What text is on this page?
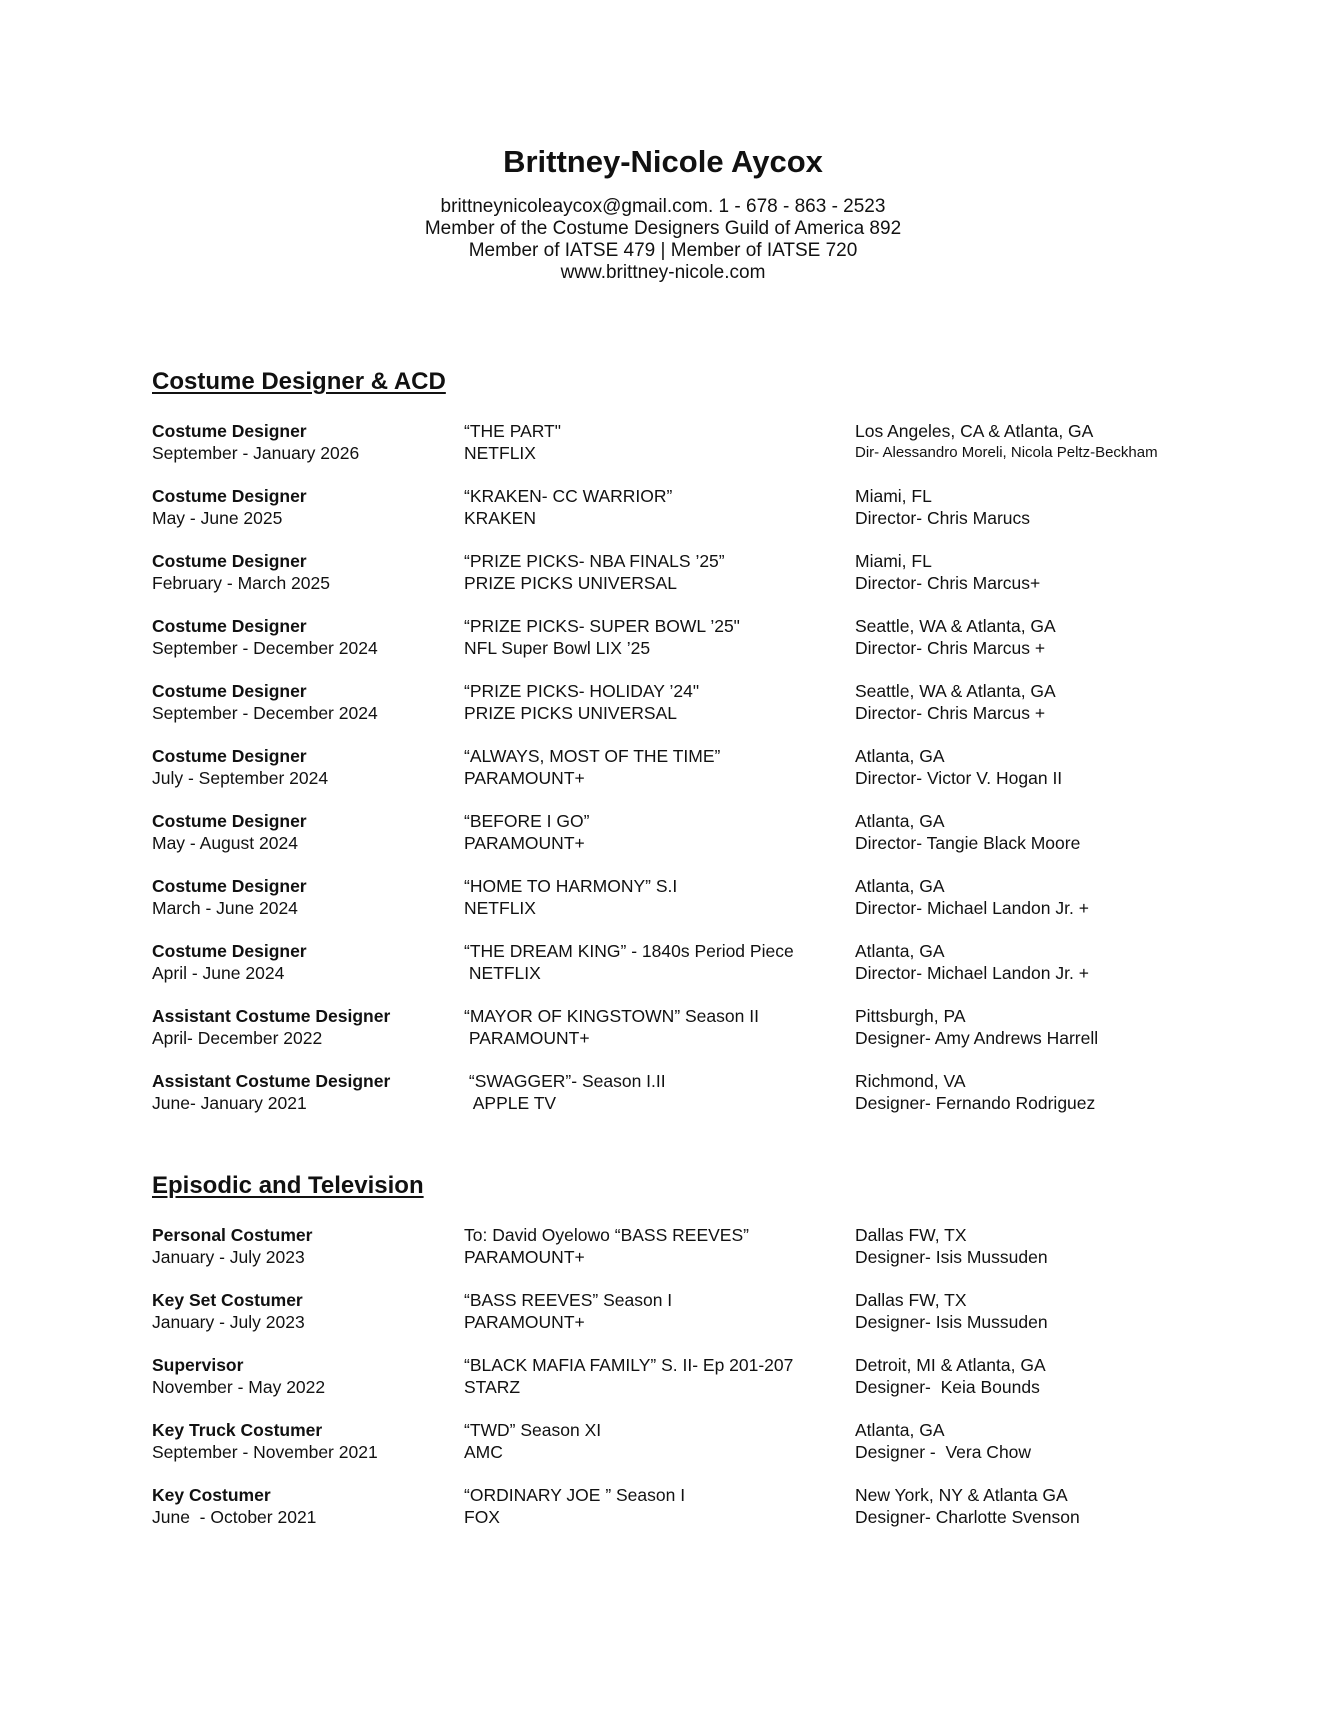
Brittney-Nicole Aycox
brittneynicoleaycox@gmail.com. 1 - 678 - 863 - 2523
Member of the Costume Designers Guild of America 892
Member of IATSE 479 | Member of IATSE 720
www.brittney-nicole.com
Costume Designer & ACD
Costume Designer
September - January 2026
“THE PART"
NETFLIX
Los Angeles, CA & Atlanta, GA
Dir- Alessandro Moreli, Nicola Peltz-Beckham
Costume Designer
May - June 2025
“KRAKEN- CC WARRIOR”
KRAKEN
Miami, FL
Director- Chris Marucs
Costume Designer
February - March 2025
“PRIZE PICKS- NBA FINALS ’25”
PRIZE PICKS UNIVERSAL
Miami, FL
Director- Chris Marcus+
Costume Designer
September - December 2024
“PRIZE PICKS- SUPER BOWL ’25"
NFL Super Bowl LIX ’25
Seattle, WA & Atlanta, GA
Director- Chris Marcus +
Costume Designer
September - December 2024
“PRIZE PICKS- HOLIDAY ’24"
PRIZE PICKS UNIVERSAL
Seattle, WA & Atlanta, GA
Director- Chris Marcus +
Costume Designer
July - September 2024
“ALWAYS, MOST OF THE TIME”
PARAMOUNT+
Atlanta, GA
Director- Victor V. Hogan II
Costume Designer
May - August 2024
“BEFORE I GO”
PARAMOUNT+
Atlanta, GA
Director- Tangie Black Moore
Costume Designer
March - June 2024
“HOME TO HARMONY” S.I
NETFLIX
Atlanta, GA
Director- Michael Landon Jr. +
Costume Designer
April - June 2024
“THE DREAM KING” - 1840s Period Piece
NETFLIX
Atlanta, GA
Director- Michael Landon Jr. +
Assistant Costume Designer
April- December 2022
“MAYOR OF KINGSTOWN” Season II
PARAMOUNT+
Pittsburgh, PA
Designer- Amy Andrews Harrell
Assistant Costume Designer
June- January 2021
“SWAGGER”- Season I.II
APPLE TV
Richmond, VA
Designer- Fernando Rodriguez
Episodic and Television
Personal Costumer
January - July 2023
To: David Oyelowo “BASS REEVES”
PARAMOUNT+
Dallas FW, TX
Designer- Isis Mussuden
Key Set Costumer
January - July 2023
“BASS REEVES” Season I
PARAMOUNT+
Dallas FW, TX
Designer- Isis Mussuden
Supervisor
November - May 2022
“BLACK MAFIA FAMILY” S. II- Ep 201-207
STARZ
Detroit, MI & Atlanta, GA
Designer-  Keia Bounds
Key Truck Costumer
September - November 2021
“TWD” Season XI
AMC
Atlanta, GA
Designer -  Vera Chow
Key Costumer
June  - October 2021
“ORDINARY JOE ” Season I
FOX
New York, NY & Atlanta GA
Designer- Charlotte Svenson
